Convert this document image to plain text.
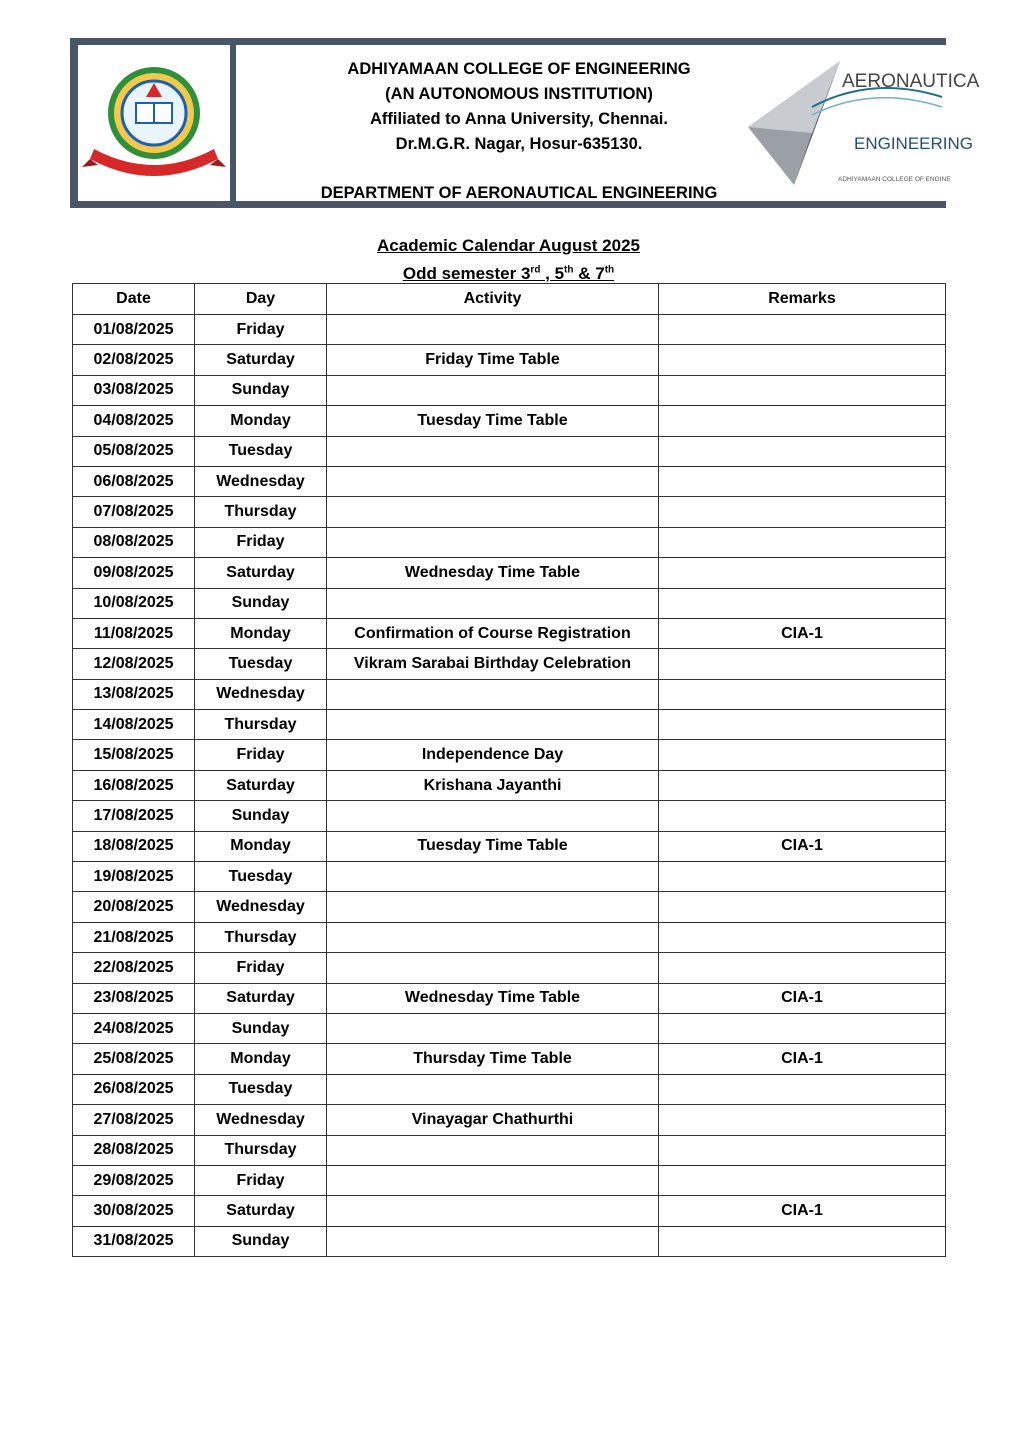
ADHIYAMAAN COLLEGE OF ENGINEERING
(AN AUTONOMOUS INSTITUTION)
Affiliated to Anna University, Chennai.
Dr.M.G.R. Nagar, Hosur-635130.
DEPARTMENT OF AERONAUTICAL ENGINEERING
AERONAUTICA
ENGINEERING
ADHIYAMAAN COLLEGE OF ENGINE
Academic Calendar August 2025
Odd semester 3rd , 5th & 7th
Date	Day	Activity	Remarks
01/08/2025	Friday		
02/08/2025	Saturday	Friday Time Table	
03/08/2025	Sunday		
04/08/2025	Monday	Tuesday Time Table	
05/08/2025	Tuesday		
06/08/2025	Wednesday		
07/08/2025	Thursday		
08/08/2025	Friday		
09/08/2025	Saturday	Wednesday Time Table	
10/08/2025	Sunday		
11/08/2025	Monday	Confirmation of Course Registration	CIA-1
12/08/2025	Tuesday	Vikram Sarabai Birthday Celebration	
13/08/2025	Wednesday		
14/08/2025	Thursday		
15/08/2025	Friday	Independence Day	
16/08/2025	Saturday	Krishana Jayanthi	
17/08/2025	Sunday		
18/08/2025	Monday	Tuesday Time Table	CIA-1
19/08/2025	Tuesday		
20/08/2025	Wednesday		
21/08/2025	Thursday		
22/08/2025	Friday		
23/08/2025	Saturday	Wednesday Time Table	CIA-1
24/08/2025	Sunday		
25/08/2025	Monday	Thursday Time Table	CIA-1
26/08/2025	Tuesday		
27/08/2025	Wednesday	Vinayagar Chathurthi	
28/08/2025	Thursday		
29/08/2025	Friday		
30/08/2025	Saturday		CIA-1
31/08/2025	Sunday		
